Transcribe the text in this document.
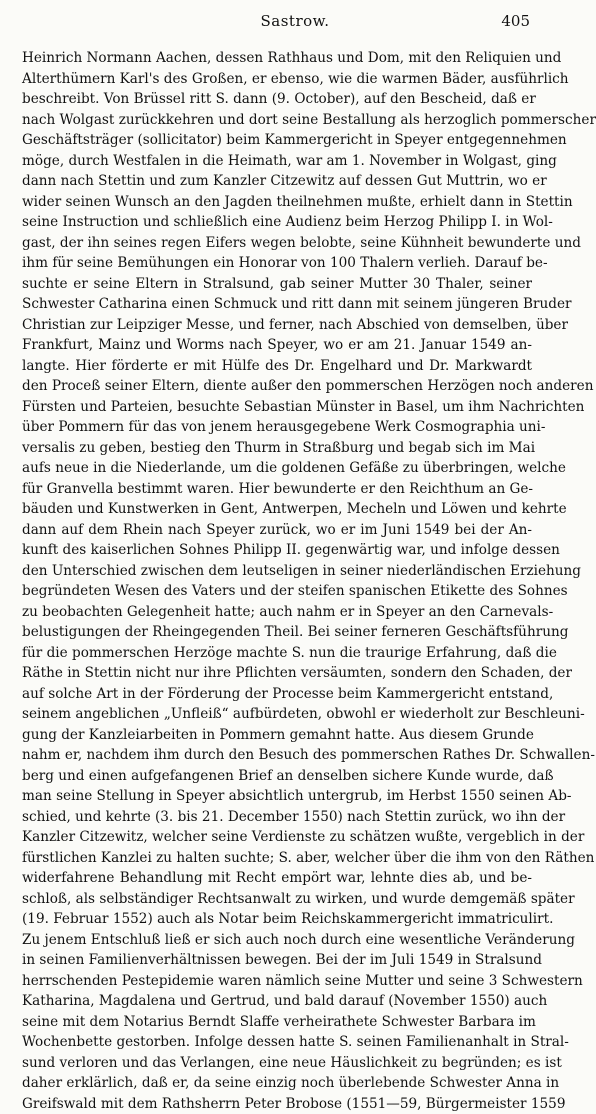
Sastrow.	405
Heinrich Normann Aachen, dessen Rathhaus und Dom, mit den Reliquien und
Alterthümern Karl's des Großen, er ebenso, wie die warmen Bäder, ausführlich
beschreibt. Von Brüssel ritt S. dann (9. October), auf den Bescheid, daß er
nach Wolgast zurückkehren und dort seine Bestallung als herzoglich pommerscher
Geschäftsträger (sollicitator) beim Kammergericht in Speyer entgegennehmen
möge, durch Westfalen in die Heimath, war am 1. November in Wolgast, ging
dann nach Stettin und zum Kanzler Citzewitz auf dessen Gut Muttrin, wo er
wider seinen Wunsch an den Jagden theilnehmen mußte, erhielt dann in Stettin
seine Instruction und schließlich eine Audienz beim Herzog Philipp I. in Wol-
gast, der ihn seines regen Eifers wegen belobte, seine Kühnheit bewunderte und
ihm für seine Bemühungen ein Honorar von 100 Thalern verlieh. Darauf be-
suchte er seine Eltern in Stralsund, gab seiner Mutter 30 Thaler, seiner
Schwester Catharina einen Schmuck und ritt dann mit seinem jüngeren Bruder
Christian zur Leipziger Messe, und ferner, nach Abschied von demselben, über
Frankfurt, Mainz und Worms nach Speyer, wo er am 21. Januar 1549 an-
langte. Hier förderte er mit Hülfe des Dr. Engelhard und Dr. Markwardt
den Proceß seiner Eltern, diente außer den pommerschen Herzögen noch anderen
Fürsten und Parteien, besuchte Sebastian Münster in Basel, um ihm Nachrichten
über Pommern für das von jenem herausgegebene Werk Cosmographia uni-
versalis zu geben, bestieg den Thurm in Straßburg und begab sich im Mai
aufs neue in die Niederlande, um die goldenen Gefäße zu überbringen, welche
für Granvella bestimmt waren. Hier bewunderte er den Reichthum an Ge-
bäuden und Kunstwerken in Gent, Antwerpen, Mecheln und Löwen und kehrte
dann auf dem Rhein nach Speyer zurück, wo er im Juni 1549 bei der An-
kunft des kaiserlichen Sohnes Philipp II. gegenwärtig war, und infolge dessen
den Unterschied zwischen dem leutseligen in seiner niederländischen Erziehung
begründeten Wesen des Vaters und der steifen spanischen Etikette des Sohnes
zu beobachten Gelegenheit hatte; auch nahm er in Speyer an den Carnevals-
belustigungen der Rheingegenden Theil. Bei seiner ferneren Geschäftsführung
für die pommerschen Herzöge machte S. nun die traurige Erfahrung, daß die
Räthe in Stettin nicht nur ihre Pflichten versäumten, sondern den Schaden, der
auf solche Art in der Förderung der Processe beim Kammergericht entstand,
seinem angeblichen „Unfleiß“ aufbürdeten, obwohl er wiederholt zur Beschleuni-
gung der Kanzleiarbeiten in Pommern gemahnt hatte. Aus diesem Grunde
nahm er, nachdem ihm durch den Besuch des pommerschen Rathes Dr. Schwallen-
berg und einen aufgefangenen Brief an denselben sichere Kunde wurde, daß
man seine Stellung in Speyer absichtlich untergrub, im Herbst 1550 seinen Ab-
schied, und kehrte (3. bis 21. December 1550) nach Stettin zurück, wo ihn der
Kanzler Citzewitz, welcher seine Verdienste zu schätzen wußte, vergeblich in der
fürstlichen Kanzlei zu halten suchte; S. aber, welcher über die ihm von den Räthen
widerfahrene Behandlung mit Recht empört war, lehnte dies ab, und be-
schloß, als selbständiger Rechtsanwalt zu wirken, und wurde demgemäß später
(19. Februar 1552) auch als Notar beim Reichskammergericht immatriculirt.
Zu jenem Entschluß ließ er sich auch noch durch eine wesentliche Veränderung
in seinen Familienverhältnissen bewegen. Bei der im Juli 1549 in Stralsund
herrschenden Pestepidemie waren nämlich seine Mutter und seine 3 Schwestern
Katharina, Magdalena und Gertrud, und bald darauf (November 1550) auch
seine mit dem Notarius Berndt Slaffe verheirathete Schwester Barbara im
Wochenbette gestorben. Infolge dessen hatte S. seinen Familienanhalt in Stral-
sund verloren und das Verlangen, eine neue Häuslichkeit zu begründen; es ist
daher erklärlich, daß er, da seine einzig noch überlebende Schwester Anna in
Greifswald mit dem Rathsherrn Peter Brobose (1551—59, Bürgermeister 1559
